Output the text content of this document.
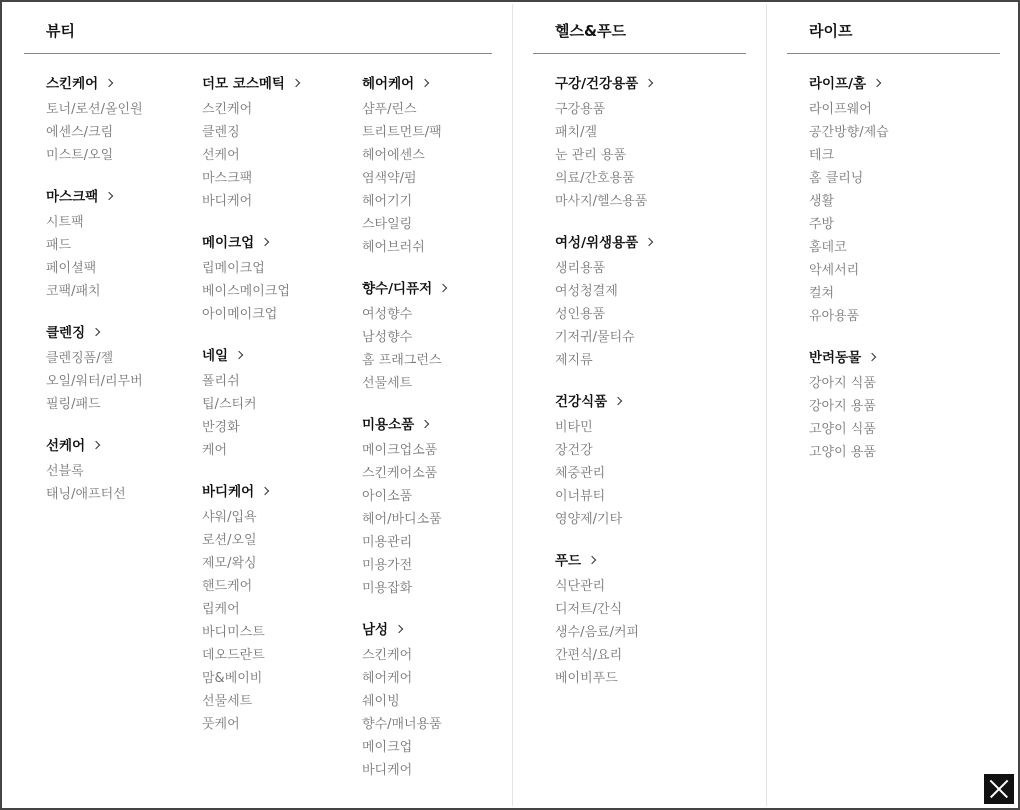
뷰티
스킨케어
토너/로션/올인원
에센스/크림
미스트/오일
마스크팩
시트팩
패드
페이셜팩
코팩/패치
클렌징
클렌징폼/젤
오일/워터/리무버
필링/패드
선케어
선블록
태닝/애프터선
더모 코스메틱
스킨케어
클렌징
선케어
마스크팩
바디케어
메이크업
립메이크업
베이스메이크업
아이메이크업
네일
폴리쉬
팁/스티커
반경화
케어
바디케어
샤워/입욕
로션/오일
제모/왁싱
핸드케어
립케어
바디미스트
데오드란트
맘&베이비
선물세트
풋케어
헤어케어
샴푸/린스
트리트먼트/팩
헤어에센스
염색약/펌
헤어기기
스타일링
헤어브러쉬
향수/디퓨저
여성향수
남성향수
홈 프래그런스
선물세트
미용소품
메이크업소품
스킨케어소품
아이소품
헤어/바디소품
미용관리
미용가전
미용잡화
남성
스킨케어
헤어케어
쉐이빙
향수/매너용품
메이크업
바디케어
헬스&푸드
구강/건강용품
구강용품
패치/겔
눈 관리 용품
의료/간호용품
마사지/헬스용품
여성/위생용품
생리용품
여성청결제
성인용품
기저귀/물티슈
제지류
건강식품
비타민
장건강
체중관리
이너뷰티
영양제/기타
푸드
식단관리
디저트/간식
생수/음료/커피
간편식/요리
베이비푸드
라이프
라이프/홈
라이프웨어
공간방향/제습
테크
홈 클리닝
생활
주방
홈데코
악세서리
컬쳐
유아용품
반려동물
강아지 식품
강아지 용품
고양이 식품
고양이 용품
